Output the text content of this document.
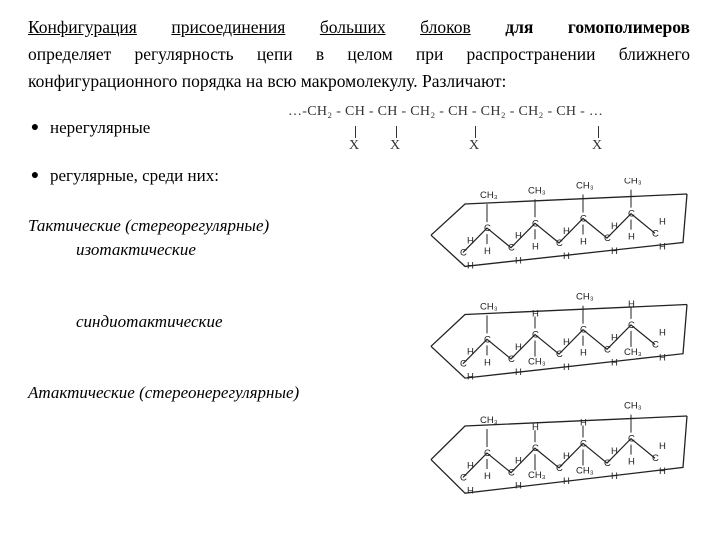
Конфигурация присоединения больших блоков для гомополимеров
определяет регулярность цепи в целом при распространении ближнего
конфигурационного порядка на всю макромолекулу. Различают:
● нерегулярные
● регулярные, среди них:
…-CH₂ - CH - CH - CH₂ - CH - CH₂ - CH₂ - CH - …
X X	X	X
Тактические (стереорегулярные)
изотактические
синдиотактические
Атактические (стереонерегулярные)
C
H
H
C
CH₃
H C
H
H
C
CH₃
H C
H
H
C
CH₃
H C
H
H
C
CH₃
H C
H
H
C
H
H
C
CH₃
H C
H
H
C
CH₃
H
C
H
H
C
CH₃
H C
H
H
C
CH₃
H
C
H
H
C
H
H
C
CH₃
H C
H
H
C
CH₃
H
C
H
H
C
CH₃
H
C
H
H
C
CH₃
H C
H
H
